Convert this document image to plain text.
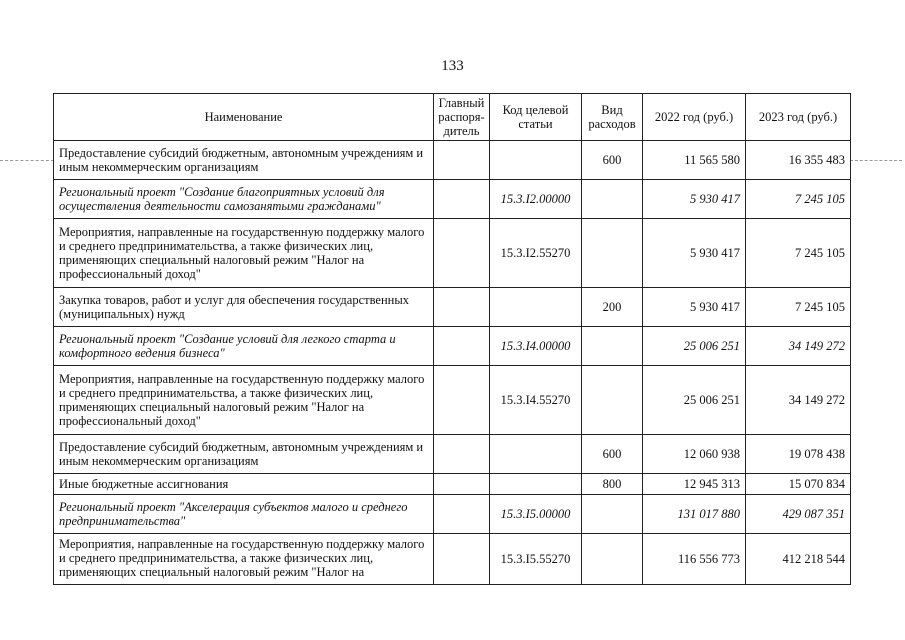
133
Наименование	Главный распоря-дитель	Код целевой статьи	Вид расходов	2022 год (руб.)	2023 год (руб.)
Предоставление субсидий бюджетным, автономным учреждениям и иным некоммерческим организациям			600	11 565 580	16 355 483
Региональный проект "Создание благоприятных условий для осуществления деятельности самозанятыми гражданами"		15.3.I2.00000		5 930 417	7 245 105
Мероприятия, направленные на государственную поддержку малого и среднего предпринимательства, а также физических лиц, применяющих специальный налоговый режим "Налог на профессиональный доход"		15.3.I2.55270		5 930 417	7 245 105
Закупка товаров, работ и услуг для обеспечения государственных (муниципальных) нужд			200	5 930 417	7 245 105
Региональный проект "Создание условий для легкого старта и комфортного ведения бизнеса"		15.3.I4.00000		25 006 251	34 149 272
Мероприятия, направленные на государственную поддержку малого и среднего предпринимательства, а также физических лиц, применяющих специальный налоговый режим "Налог на профессиональный доход"		15.3.I4.55270		25 006 251	34 149 272
Предоставление субсидий бюджетным, автономным учреждениям и иным некоммерческим организациям			600	12 060 938	19 078 438
Иные бюджетные ассигнования			800	12 945 313	15 070 834
Региональный проект "Акселерация субъектов малого и среднего предпринимательства"		15.3.I5.00000		131 017 880	429 087 351
Мероприятия, направленные на государственную поддержку малого и среднего предпринимательства, а также физических лиц, применяющих специальный налоговый режим "Налог на		15.3.I5.55270		116 556 773	412 218 544
